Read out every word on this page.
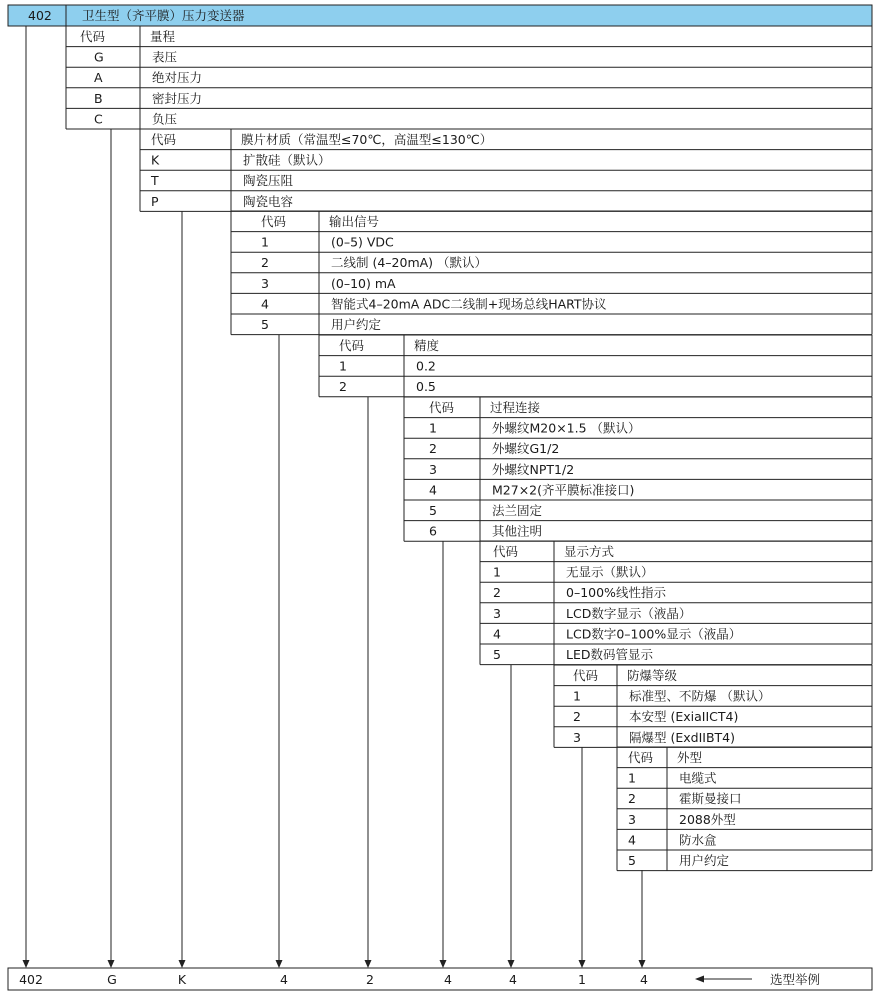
402 卫生型（齐平膜）压力变送器
代码	量程
G	表压
A	绝对压力
B	密封压力
C	负压
代码	膜片材质（常温型≤70℃，高温型≤130℃）
K	扩散硅（默认）
T	陶瓷压阻
P	陶瓷电容
代码	输出信号
1	(0–5) VDC
2	二线制 (4–20mA) （默认）
3	(0–10) mA
4	智能式4–20mA ADC二线制+现场总线HART协议
5	用户约定
代码	精度
1	0.2
2	0.5
代码	过程连接
1	外螺纹M20×1.5 （默认）
2	外螺纹G1/2
3	外螺纹NPT1/2
4	M27×2(齐平膜标准接口)
5	法兰固定
6	其他注明
代码	显示方式
1	无显示（默认）
2	0–100%线性指示
3	LCD数字显示（液晶）
4	LCD数字0–100%显示（液晶）
5	LED数码管显示
代码 防爆等级
1	标准型、不防爆 （默认）
2	本安型 (ExiaIICT4)
3	隔爆型 (ExdIIBT4)
代码 外型
1	电缆式
2	霍斯曼接口
3	2088外型
4	防水盒
5	用户约定
402	G	K	4	2	4	4	1	4	选型举例
